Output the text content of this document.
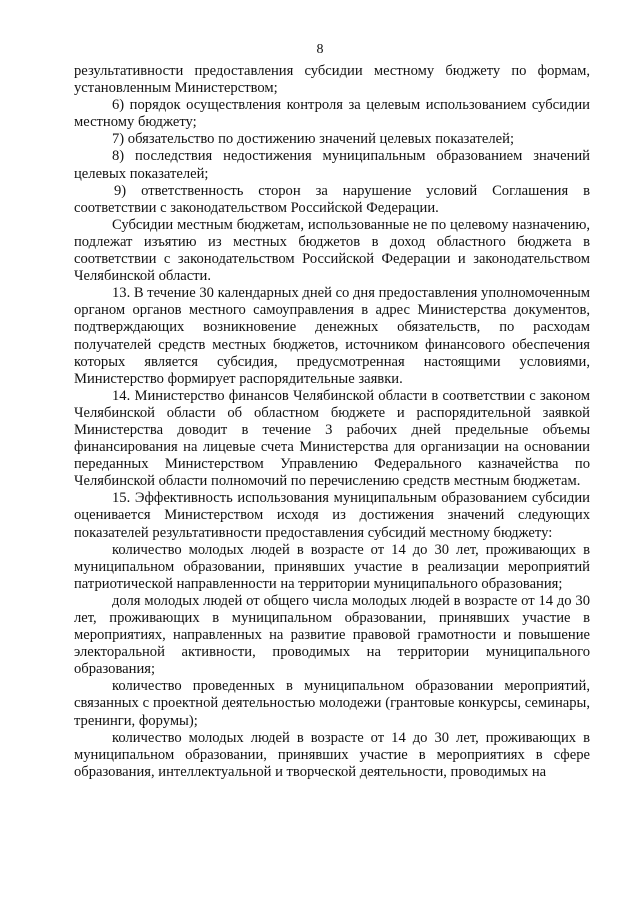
8

результативности предоставления субсидии местному бюджету по формам, установленным Министерством;

6) порядок осуществления контроля за целевым использованием субсидии местному бюджету;

7) обязательство по достижению значений целевых показателей;

8) последствия недостижения муниципальным образованием значений целевых показателей;

9) ответственность сторон за нарушение условий Соглашения в соответствии с законодательством Российской Федерации.

Субсидии местным бюджетам, использованные не по целевому назначению, подлежат изъятию из местных бюджетов в доход областного бюджета в соответствии с законодательством Российской Федерации и законодательством Челябинской области.

13. В течение 30 календарных дней со дня предоставления уполномоченным органом органов местного самоуправления в адрес Министерства документов, подтверждающих возникновение денежных обязательств, по расходам получателей средств местных бюджетов, источником финансового обеспечения которых является субсидия, предусмотренная настоящими условиями, Министерство формирует распорядительные заявки.

14. Министерство финансов Челябинской области в соответствии с законом Челябинской области об областном бюджете и распорядительной заявкой Министерства доводит в течение 3 рабочих дней предельные объемы финансирования на лицевые счета Министерства для организации на основании переданных Министерством Управлению Федерального казначейства по Челябинской области полномочий по перечислению средств местным бюджетам.

15. Эффективность использования муниципальным образованием субсидии оценивается Министерством исходя из достижения значений следующих показателей результативности предоставления субсидий местному бюджету:

количество молодых людей в возрасте от 14 до 30 лет, проживающих в муниципальном образовании, принявших участие в реализации мероприятий патриотической направленности на территории муниципального образования;

доля молодых людей от общего числа молодых людей в возрасте от 14 до 30 лет, проживающих в муниципальном образовании, принявших участие в мероприятиях, направленных на развитие правовой грамотности и повышение электоральной активности, проводимых на территории муниципального образования;

количество проведенных в муниципальном образовании мероприятий, связанных с проектной деятельностью молодежи (грантовые конкурсы, семинары, тренинги, форумы);

количество молодых людей в возрасте от 14 до 30 лет, проживающих в муниципальном образовании, принявших участие в мероприятиях в сфере образования, интеллектуальной и творческой деятельности, проводимых на
